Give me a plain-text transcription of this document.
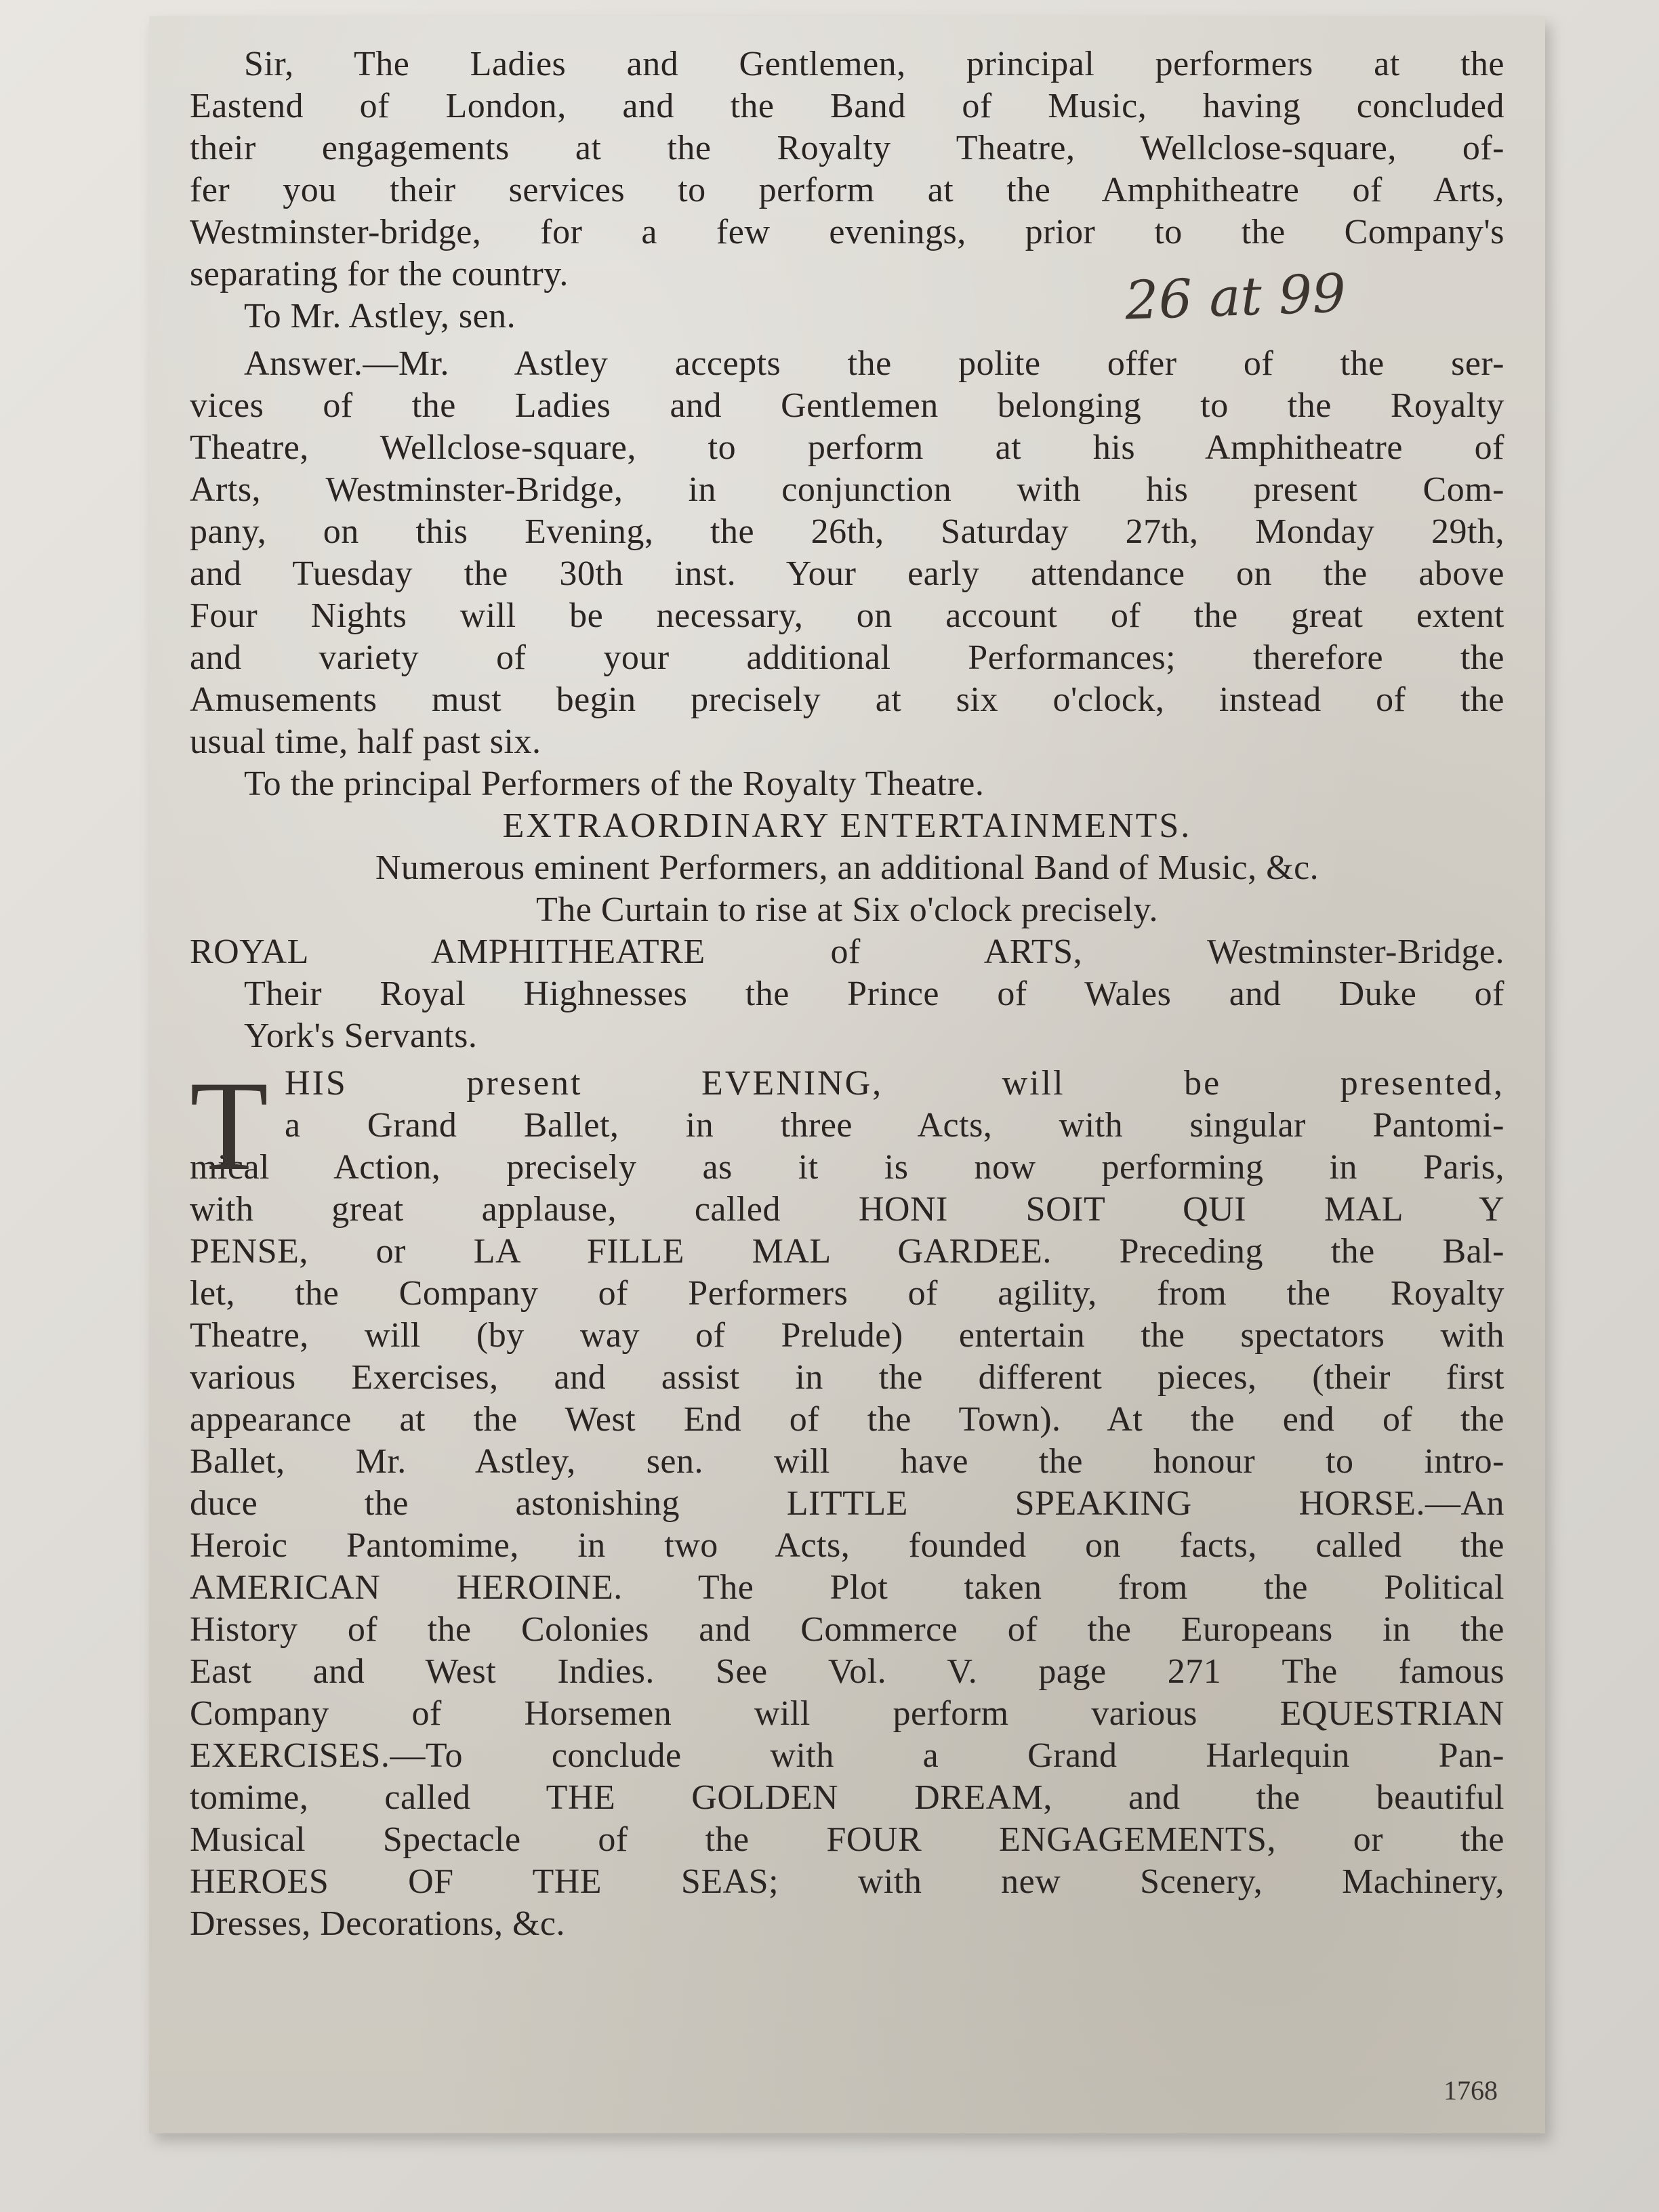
Sir, The Ladies and Gentlemen, principal performers at the
Eastend of London, and the Band of Music, having concluded
their engagements at the Royalty Theatre, Wellclose-square, of-
fer you their services to perform at the Amphitheatre of Arts,
Westminster-bridge, for a few evenings, prior to the Company's
separating for the country.
To Mr. Astley, sen.
Answer.—Mr. Astley accepts the polite offer of the ser-
vices of the Ladies and Gentlemen belonging to the Royalty
Theatre, Wellclose-square, to perform at his Amphitheatre of
Arts, Westminster-Bridge, in conjunction with his present Com-
pany, on this Evening, the 26th, Saturday 27th, Monday 29th,
and Tuesday the 30th inst. Your early attendance on the above
Four Nights will be necessary, on account of the great extent
and variety of your additional Performances; therefore the
Amusements must begin precisely at six o'clock, instead of the
usual time, half past six.
To the principal Performers of the Royalty Theatre.
EXTRAORDINARY ENTERTAINMENTS.
Numerous eminent Performers, an additional Band of Music, &c.
The Curtain to rise at Six o'clock precisely.
ROYAL AMPHITHEATRE of ARTS, Westminster-Bridge.
Their Royal Highnesses the Prince of Wales and Duke of
York's Servants.
T HIS present EVENING, will be presented,
a Grand Ballet, in three Acts, with singular Pantomi-
mical Action, precisely as it is now performing in Paris,
with great applause, called HONI SOIT QUI MAL Y
PENSE, or LA FILLE MAL GARDEE. Preceding the Bal-
let, the Company of Performers of agility, from the Royalty
Theatre, will (by way of Prelude) entertain the spectators with
various Exercises, and assist in the different pieces, (their first
appearance at the West End of the Town). At the end of the
Ballet, Mr. Astley, sen. will have the honour to intro-
duce the astonishing LITTLE SPEAKING HORSE.—An
Heroic Pantomime, in two Acts, founded on facts, called the
AMERICAN HEROINE. The Plot taken from the Political
History of the Colonies and Commerce of the Europeans in the
East and West Indies. See Vol. V. page 271 The famous
Company of Horsemen will perform various EQUESTRIAN
EXERCISES.—To conclude with a Grand Harlequin Pan-
tomime, called THE GOLDEN DREAM, and the beautiful
Musical Spectacle of the FOUR ENGAGEMENTS, or the
HEROES OF THE SEAS; with new Scenery, Machinery,
Dresses, Decorations, &c.
1768
26 at 99
